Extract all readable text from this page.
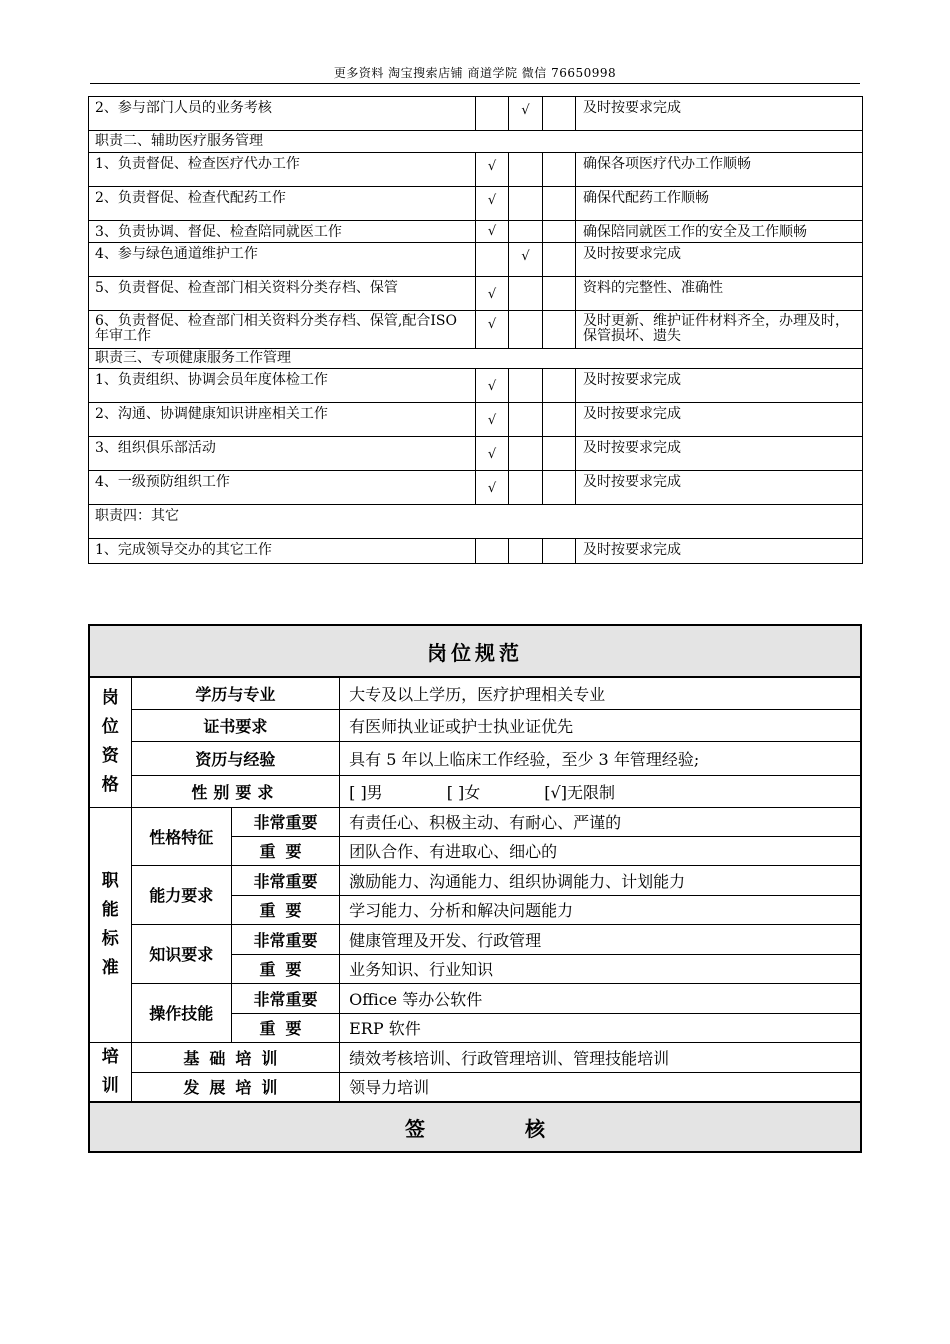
更多资料 淘宝搜索店铺 商道学院 微信 76650998
2、参与部门人员的业务考核		√		及时按要求完成
职责二、辅助医疗服务管理				
1、负责督促、检查医疗代办工作	√			确保各项医疗代办工作顺畅
2、负责督促、检查代配药工作	√			确保代配药工作顺畅
3、负责协调、督促、检查陪同就医工作	√			确保陪同就医工作的安全及工作顺畅
4、参与绿色通道维护工作		√		及时按要求完成
5、负责督促、检查部门相关资料分类存档、保管	√			资料的完整性、准确性
6、负责督促、检查部门相关资料分类存档、保管,配合ISO年审工作	√			及时更新、维护证件材料齐全，办理及时，保管损坏、遗失
职责三、专项健康服务工作管理				
1、负责组织、协调会员年度体检工作	√			及时按要求完成
2、沟通、协调健康知识讲座相关工作	√			及时按要求完成
3、组织俱乐部活动	√			及时按要求完成
4、一级预防组织工作	√			及时按要求完成
职责四：其它				
1、完成领导交办的其它工作				及时按要求完成
岗位规范			

岗位资格	学历与专业		大专及以上学历，医疗护理相关专业
	证书要求		有医师执业证或护士执业证优先
	资历与经验		具有 5 年以上临床工作经验，至少 3 年管理经验;
	性别要求		[ ]男 [ ]女 [√]无限制

职能标准	性格特征	非常重要	有责任心、积极主动、有耐心、严谨的
		重要	团队合作、有进取心、细心的
	能力要求	非常重要	激励能力、沟通能力、组织协调能力、计划能力
		重要	学习能力、分析和解决问题能力
	知识要求	非常重要	健康管理及开发、行政管理
		重要	业务知识、行业知识
	操作技能	非常重要	Office 等办公软件
		重要	ERP 软件

培训	基础培训		绩效考核培训、行政管理培训、管理技能培训
	发展培训		领导力培训
签 核			
